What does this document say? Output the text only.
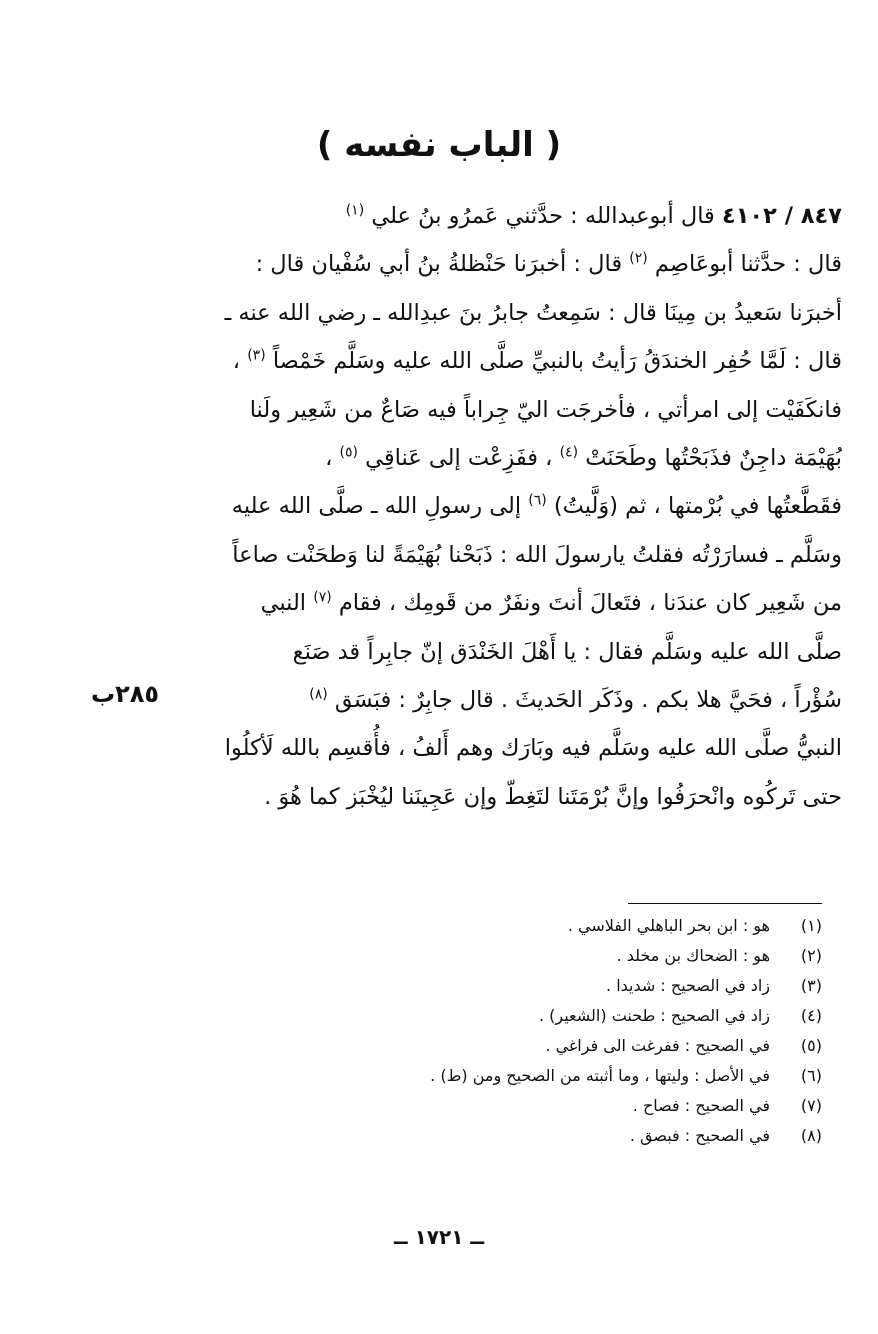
( الباب نفسه )
٨٤٧ / ٤١٠٢ قال أبوعبدالله : حدَّثني عَمرُو بنُ علي $^{(١)}$
قال : حدَّثنا أبوعَاصِم $^{(٢)}$ قال : أخبرَنا حَنْظلةُ بنُ أبي سُفْيان قال :
أخبرَنا سَعيدُ بن مِينَا قال : سَمِعتُ جابرُ بنَ عبدِالله ـ رضي الله عنه ـ
قال : لَمَّا حُفِر الخندَقُ رَأيتُ بالنبيِّ صلَّى الله عليه وسَلَّم خَمْصاً $^{(٣)}$ ،
فانكَفَيْت إلى امرأتي ، فأخرجَت اليّ جِراباً فيه صَاعٌ من شَعِير ولَنا
بُهَيْمَة داجِنٌ فذَبَحْتُها وطَحَنَتْ $^{(٤)}$ ، ففَزِعْت إلى عَناقِي $^{(٥)}$ ،
فقَطَّعتُها في بُرْمتها ، ثم (وَلَّيتُ) $^{(٦)}$ إلى رسولِ الله ـ صلَّى الله عليه
وسَلَّم ـ فسارَرْتُه فقلتُ يارسولَ الله : ذَبَحْنا بُهَيْمَةً لنا وَطحَنْت صاعاً
من شَعِير كان عندَنا ، فتَعالَ أنتَ ونفَرٌ من قَومِك ، فقام $^{(٧)}$ النبي
صلَّى الله عليه وسَلَّم فقال : يا أَهْلَ الخَنْدَق إنّ جابِراً قد صَنَع
سُؤْراً ، فحَيَّ هلا بكم . وذَكَر الحَديثَ . قال جابِرٌ : فبَسَق $^{(٨)}$
النبيُّ صلَّى الله عليه وسَلَّم فيه وبَارَك وهم أَلفُ ، فأُقسِم بالله لَأكلُوا
حتى تَركُوه وانْحرَفُوا وإنَّ بُرْمَتَنا لتَغِطّ وإن عَجِينَنا ليُخْبَز كما هُوَ .
٢٨٥ب
(١)
هو : ابن بحر الباهلي الفلاسي .
(٢)
هو : الضحاك بن مخلد .
(٣)
زاد في الصحيح : شديدا .
(٤)
زاد في الصحيح : طحنت (الشعير) .
(٥)
في الصحيح : ففرغت الى فراغي .
(٦)
في الأصل : وليتها ، وما أثبته من الصحيح ومن (ط) .
(٧)
في الصحيح : فصاح .
(٨)
في الصحيح : فبصق .
ــ ١٧٢١ ــ
